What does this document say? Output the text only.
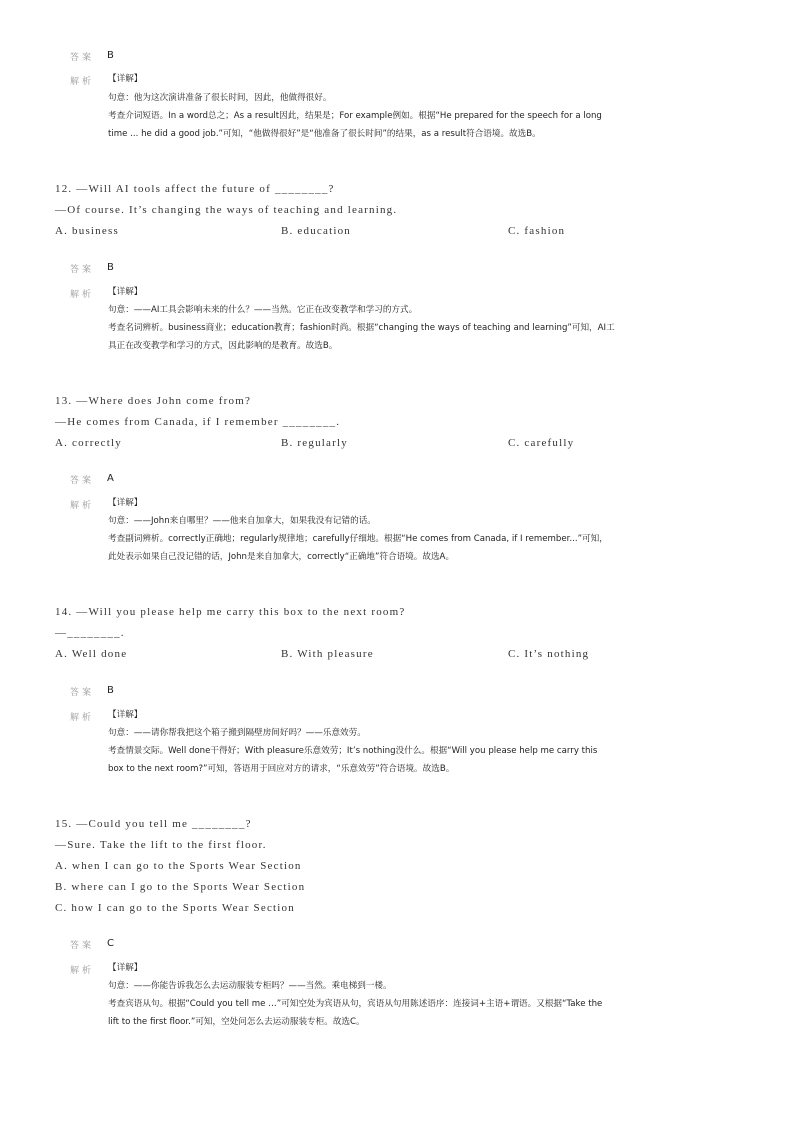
答案 B
解析 【详解】
句意：他为这次演讲准备了很长时间，因此，他做得很好。
考查介词短语。In a word总之；As a result因此，结果是；For example例如。根据“He prepared for the speech for a long
time ... he did a good job.”可知，“他做得很好”是“他准备了很长时间”的结果，as a result符合语境。故选B。
12. —Will AI tools affect the future of ________?
—Of course. It’s changing the ways of teaching and learning.
A. business	B. education	C. fashion
答案 B
解析 【详解】
句意：——AI工具会影响未来的什么？——当然。它正在改变教学和学习的方式。
考查名词辨析。business商业；education教育；fashion时尚。根据“changing the ways of teaching and learning”可知，AI工
具正在改变教学和学习的方式，因此影响的是教育。故选B。
13. —Where does John come from?
—He comes from Canada, if I remember ________.
A. correctly	B. regularly	C. carefully
答案 A
解析 【详解】
句意：——John来自哪里？——他来自加拿大，如果我没有记错的话。
考查副词辨析。correctly正确地；regularly规律地；carefully仔细地。根据“He comes from Canada, if I remember...”可知，
此处表示如果自己没记错的话，John是来自加拿大，correctly“正确地”符合语境。故选A。
14. —Will you please help me carry this box to the next room?
—________.
A. Well done	B. With pleasure	C. It’s nothing
答案 B
解析 【详解】
句意：——请你帮我把这个箱子搬到隔壁房间好吗？——乐意效劳。
考查情景交际。Well done干得好；With pleasure乐意效劳；It’s nothing没什么。根据“Will you please help me carry this
box to the next room?”可知，答语用于回应对方的请求，“乐意效劳”符合语境。故选B。
15. —Could you tell me ________?
—Sure. Take the lift to the first floor.
A. when I can go to the Sports Wear Section
B. where can I go to the Sports Wear Section
C. how I can go to the Sports Wear Section
答案 C
解析 【详解】
句意：——你能告诉我怎么去运动服装专柜吗？——当然。乘电梯到一楼。
考查宾语从句。根据“Could you tell me …”可知空处为宾语从句，宾语从句用陈述语序：连接词+主语+谓语。又根据“Take the
lift to the first floor.”可知，空处问怎么去运动服装专柜。故选C。
